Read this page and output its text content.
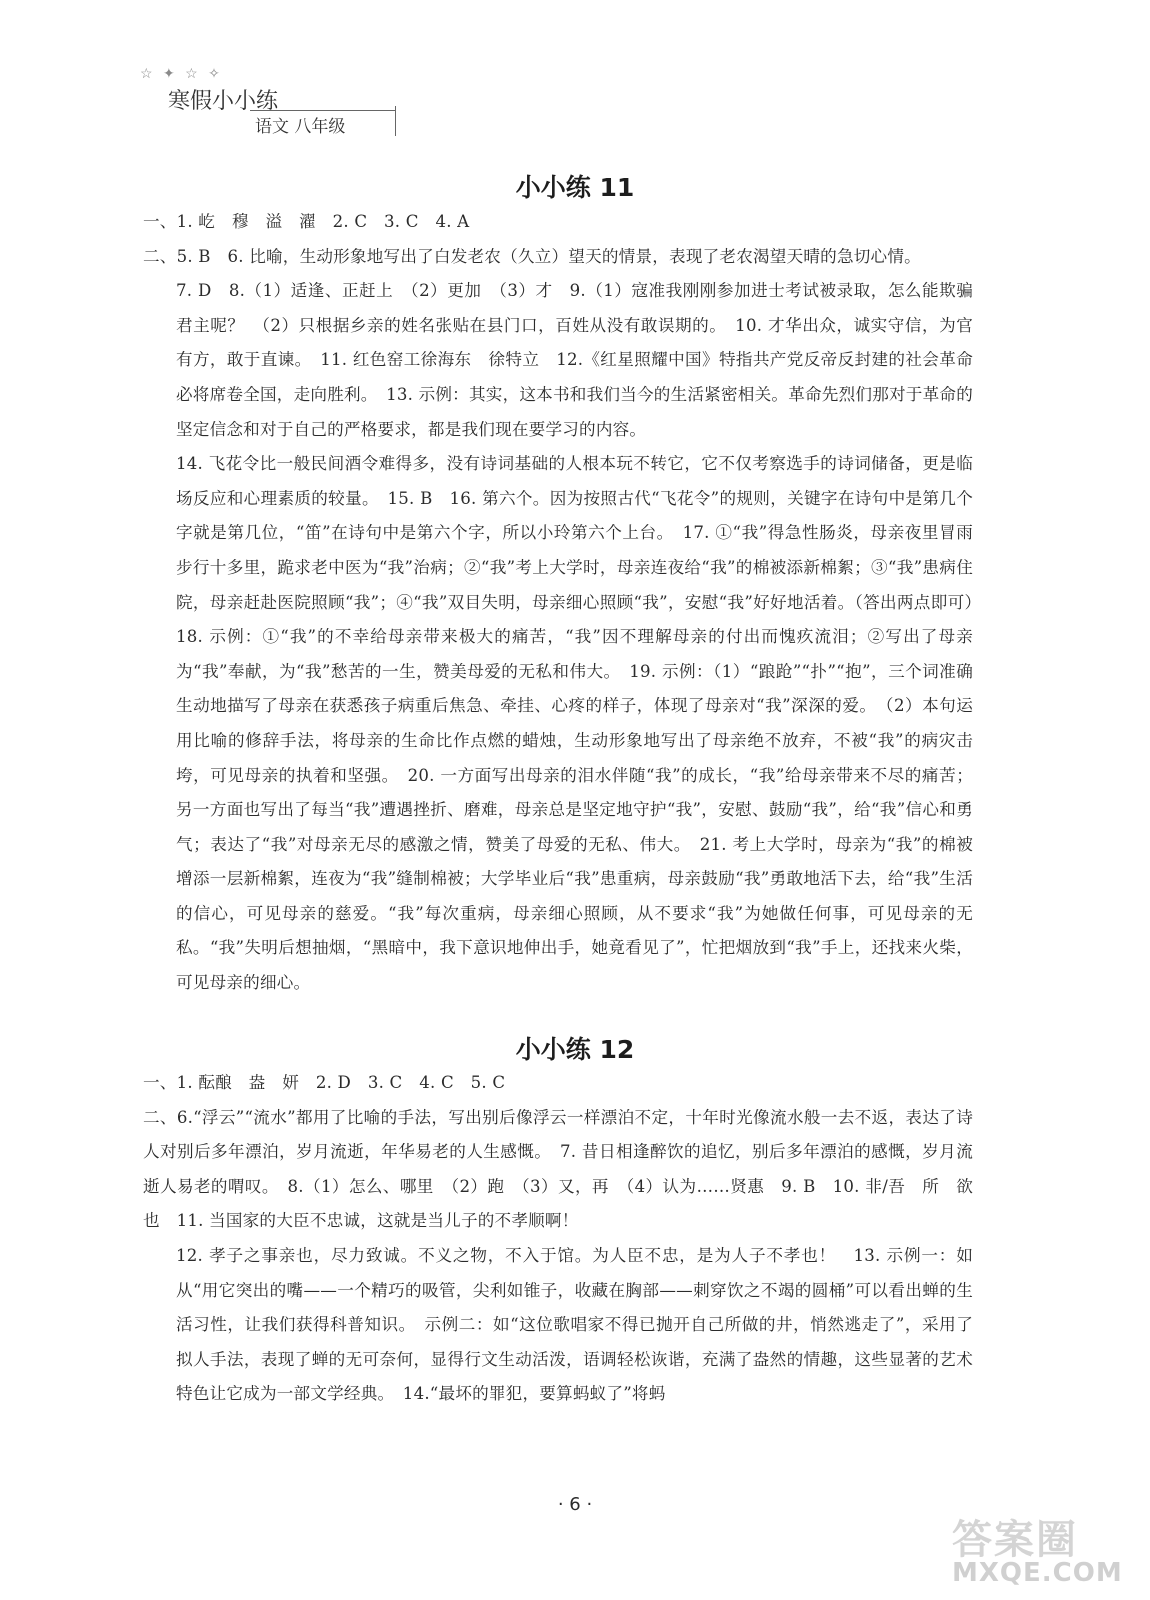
☆ ✦ ☆ ✧
寒假小小练
语文 八年级
小小练 11

一、1. 屹　穆　溢　濯　2. C　3. C　4. A

二、5. B　6. 比喻，生动形象地写出了白发老农（久立）望天的情景，表现了老农渴望天晴的急切心情。

7. D　8.（1）适逢、正赶上　（2）更加　（3）才　9.（1）寇准我刚刚参加进士考试被录取，怎么能欺骗君主呢？　（2）只根据乡亲的姓名张贴在县门口，百姓从没有敢误期的。　10. 才华出众，诚实守信，为官有方，敢于直谏。　11. 红色窑工徐海东　徐特立　12.《红星照耀中国》特指共产党反帝反封建的社会革命必将席卷全国，走向胜利。　13. 示例：其实，这本书和我们当今的生活紧密相关。革命先烈们那对于革命的坚定信念和对于自己的严格要求，都是我们现在要学习的内容。

14. 飞花令比一般民间酒令难得多，没有诗词基础的人根本玩不转它，它不仅考察选手的诗词储备，更是临场反应和心理素质的较量。　15. B　16. 第六个。因为按照古代“飞花令”的规则，关键字在诗句中是第几个字就是第几位，“笛”在诗句中是第六个字，所以小玲第六个上台。　17. ①“我”得急性肠炎，母亲夜里冒雨步行十多里，跪求老中医为“我”治病；②“我”考上大学时，母亲连夜给“我”的棉被添新棉絮；③“我”患病住院，母亲赶赴医院照顾“我”；④“我”双目失明，母亲细心照顾“我”，安慰“我”好好地活着。（答出两点即可）　18. 示例：①“我”的不幸给母亲带来极大的痛苦，“我”因不理解母亲的付出而愧疚流泪；②写出了母亲为“我”奉献，为“我”愁苦的一生，赞美母爱的无私和伟大。　19. 示例：（1）“踉跄”“扑”“抱”，三个词准确生动地描写了母亲在获悉孩子病重后焦急、牵挂、心疼的样子，体现了母亲对“我”深深的爱。　（2）本句运用比喻的修辞手法，将母亲的生命比作点燃的蜡烛，生动形象地写出了母亲绝不放弃，不被“我”的病灾击垮，可见母亲的执着和坚强。　20. 一方面写出母亲的泪水伴随“我”的成长，“我”给母亲带来不尽的痛苦；另一方面也写出了每当“我”遭遇挫折、磨难，母亲总是坚定地守护“我”，安慰、鼓励“我”，给“我”信心和勇气；表达了“我”对母亲无尽的感激之情，赞美了母爱的无私、伟大。　21. 考上大学时，母亲为“我”的棉被增添一层新棉絮，连夜为“我”缝制棉被；大学毕业后“我”患重病，母亲鼓励“我”勇敢地活下去，给“我”生活的信心，可见母亲的慈爱。“我”每次重病，母亲细心照顾，从不要求“我”为她做任何事，可见母亲的无私。“我”失明后想抽烟，“黑暗中，我下意识地伸出手，她竟看见了”，忙把烟放到“我”手上，还找来火柴，可见母亲的细心。

小小练 12

一、1. 酝酿　盎　妍　2. D　3. C　4. C　5. C

二、6.“浮云”“流水”都用了比喻的手法，写出别后像浮云一样漂泊不定，十年时光像流水般一去不返，表达了诗人对别后多年漂泊，岁月流逝，年华易老的人生感慨。　7. 昔日相逢醉饮的追忆，别后多年漂泊的感慨，岁月流逝人易老的喟叹。　8.（1）怎么、哪里　（2）跑　（3）又，再　（4）认为……贤惠　9. B　10. 非/吾　所　欲　也　11. 当国家的大臣不忠诚，这就是当儿子的不孝顺啊！

12. 孝子之事亲也，尽力致诚。不义之物，不入于馆。为人臣不忠，是为人子不孝也！　13. 示例一：如从“用它突出的嘴——一个精巧的吸管，尖利如锥子，收藏在胸部——刺穿饮之不竭的圆桶”可以看出蝉的生活习性，让我们获得科普知识。　示例二：如“这位歌唱家不得已抛开自己所做的井，悄然逃走了”，采用了拟人手法，表现了蝉的无可奈何，显得行文生动活泼，语调轻松诙谐，充满了盎然的情趣，这些显著的艺术特色让它成为一部文学经典。　14.“最坏的罪犯，要算蚂蚁了”将蚂

· 6 ·
答案圈
MXQE.COM
